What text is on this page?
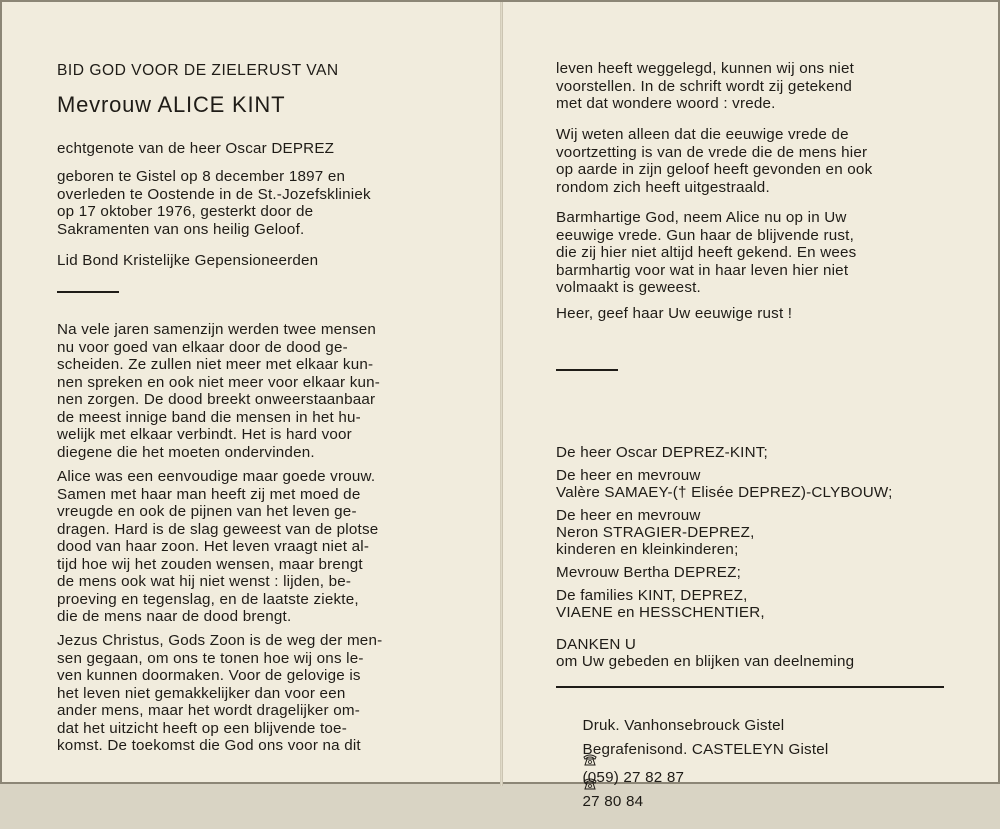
BID GOD VOOR DE ZIELERUST VAN
Mevrouw ALICE KINT
echtgenote van de heer Oscar DEPREZ
geboren te Gistel op 8 december 1897 en
overleden te Oostende in de St.-Jozefskliniek
op 17 oktober 1976, gesterkt door de
Sakramenten van ons heilig Geloof.
Lid Bond Kristelijke Gepensioneerden
Na vele jaren samenzijn werden twee mensen
nu voor goed van elkaar door de dood ge-
scheiden. Ze zullen niet meer met elkaar kun-
nen spreken en ook niet meer voor elkaar kun-
nen zorgen. De dood breekt onweerstaanbaar
de meest innige band die mensen in het hu-
welijk met elkaar verbindt. Het is hard voor
diegene die het moeten ondervinden.
Alice was een eenvoudige maar goede vrouw.
Samen met haar man heeft zij met moed de
vreugde en ook de pijnen van het leven ge-
dragen. Hard is de slag geweest van de plotse
dood van haar zoon. Het leven vraagt niet al-
tijd hoe wij het zouden wensen, maar brengt
de mens ook wat hij niet wenst : lijden, be-
proeving en tegenslag, en de laatste ziekte,
die de mens naar de dood brengt.
Jezus Christus, Gods Zoon is de weg der men-
sen gegaan, om ons te tonen hoe wij ons le-
ven kunnen doormaken. Voor de gelovige is
het leven niet gemakkelijker dan voor een
ander mens, maar het wordt dragelijker om-
dat het uitzicht heeft op een blijvende toe-
komst. De toekomst die God ons voor na dit
leven heeft weggelegd, kunnen wij ons niet
voorstellen. In de schrift wordt zij getekend
met dat wondere woord : vrede.
Wij weten alleen dat die eeuwige vrede de
voortzetting is van de vrede die de mens hier
op aarde in zijn geloof heeft gevonden en ook
rondom zich heeft uitgestraald.
Barmhartige God, neem Alice nu op in Uw
eeuwige vrede. Gun haar de blijvende rust,
die zij hier niet altijd heeft gekend. En wees
barmhartig voor wat in haar leven hier niet
volmaakt is geweest.
Heer, geef haar Uw eeuwige rust !
De heer Oscar DEPREZ-KINT;
De heer en mevrouw
Valère SAMAEY-(† Elisée DEPREZ)-CLYBOUW;
De heer en mevrouw
Neron STRAGIER-DEPREZ,
kinderen en kleinkinderen;
Mevrouw Bertha DEPREZ;
De families KINT, DEPREZ,
VIAENE en HESSCHENTIER,
DANKEN U
om Uw gebeden en blijken van deelneming

Druk. Vanhonsebrouck Gistel

(059) 27 82 87

Begrafenisond. CASTELEYN Gistel

27 80 84
